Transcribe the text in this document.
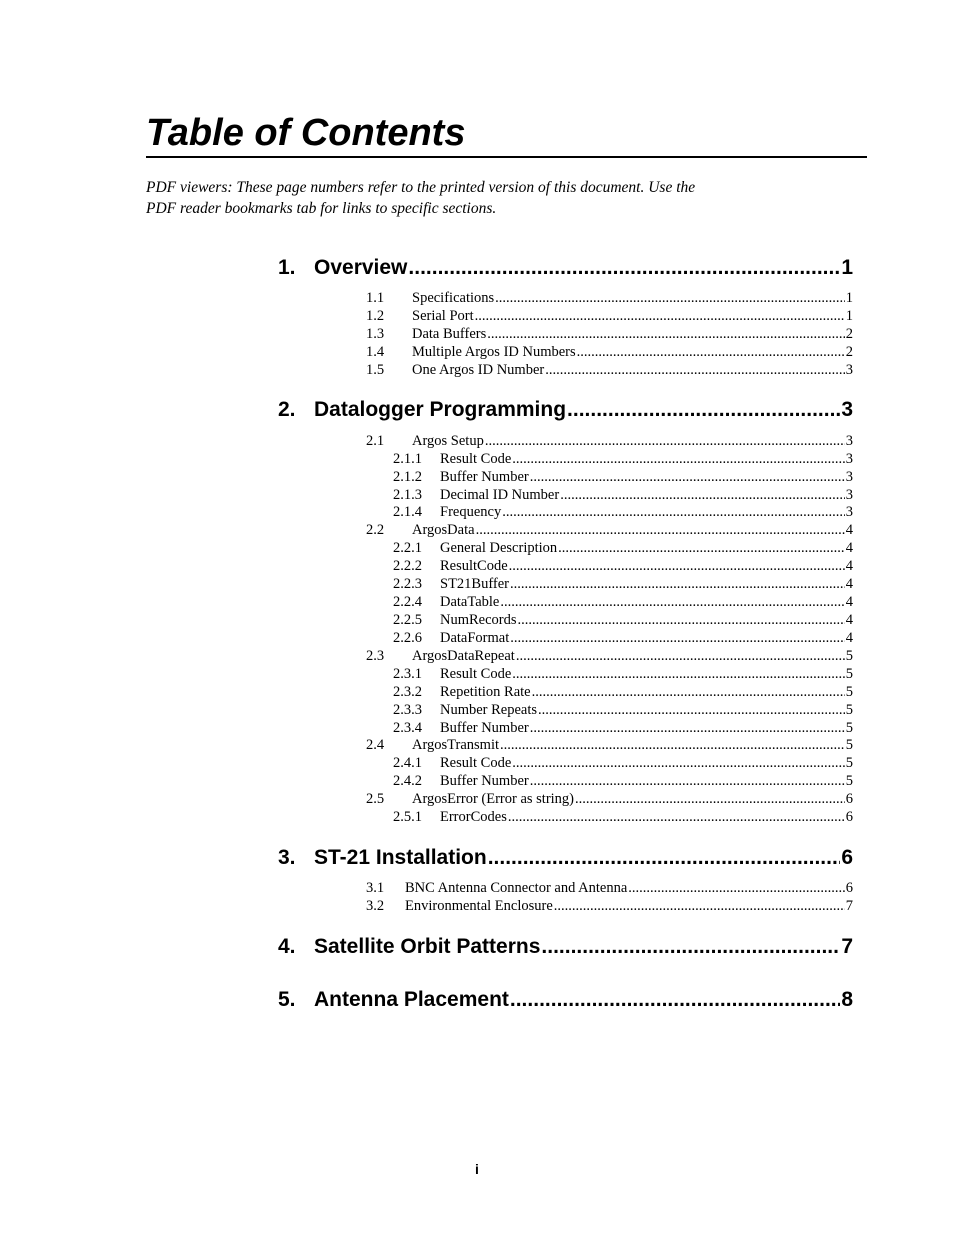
Table of Contents
PDF viewers: These page numbers refer to the printed version of this document. Use the
PDF reader bookmarks tab for links to specific sections.
1. Overview .....	1
1.1	Specifications .....	1
1.2	Serial Port .....	1
1.3	Data Buffers .....	2
1.4	Multiple Argos ID Numbers .....	2
1.5	One Argos ID Number .....	3
2. Datalogger Programming .....	3
2.1	Argos Setup .....	3
2.1.1	Result Code .....	3
2.1.2	Buffer Number .....	3
2.1.3	Decimal ID Number .....	3
2.1.4	Frequency .....	3
2.2	ArgosData .....	4
2.2.1	General Description .....	4
2.2.2	ResultCode .....	4
2.2.3	ST21Buffer .....	4
2.2.4	DataTable .....	4
2.2.5	NumRecords .....	4
2.2.6	DataFormat .....	4
2.3	ArgosDataRepeat .....	5
2.3.1	Result Code .....	5
2.3.2	Repetition Rate .....	5
2.3.3	Number Repeats .....	5
2.3.4	Buffer Number .....	5
2.4	ArgosTransmit .....	5
2.4.1	Result Code .....	5
2.4.2	Buffer Number .....	5
2.5	ArgosError (Error as string) .....	6
2.5.1	ErrorCodes .....	6
3. ST-21 Installation .....	6
3.1	BNC Antenna Connector and Antenna .....	6
3.2	Environmental Enclosure .....	7
4. Satellite Orbit Patterns .....	7
5. Antenna Placement .....	8
i
